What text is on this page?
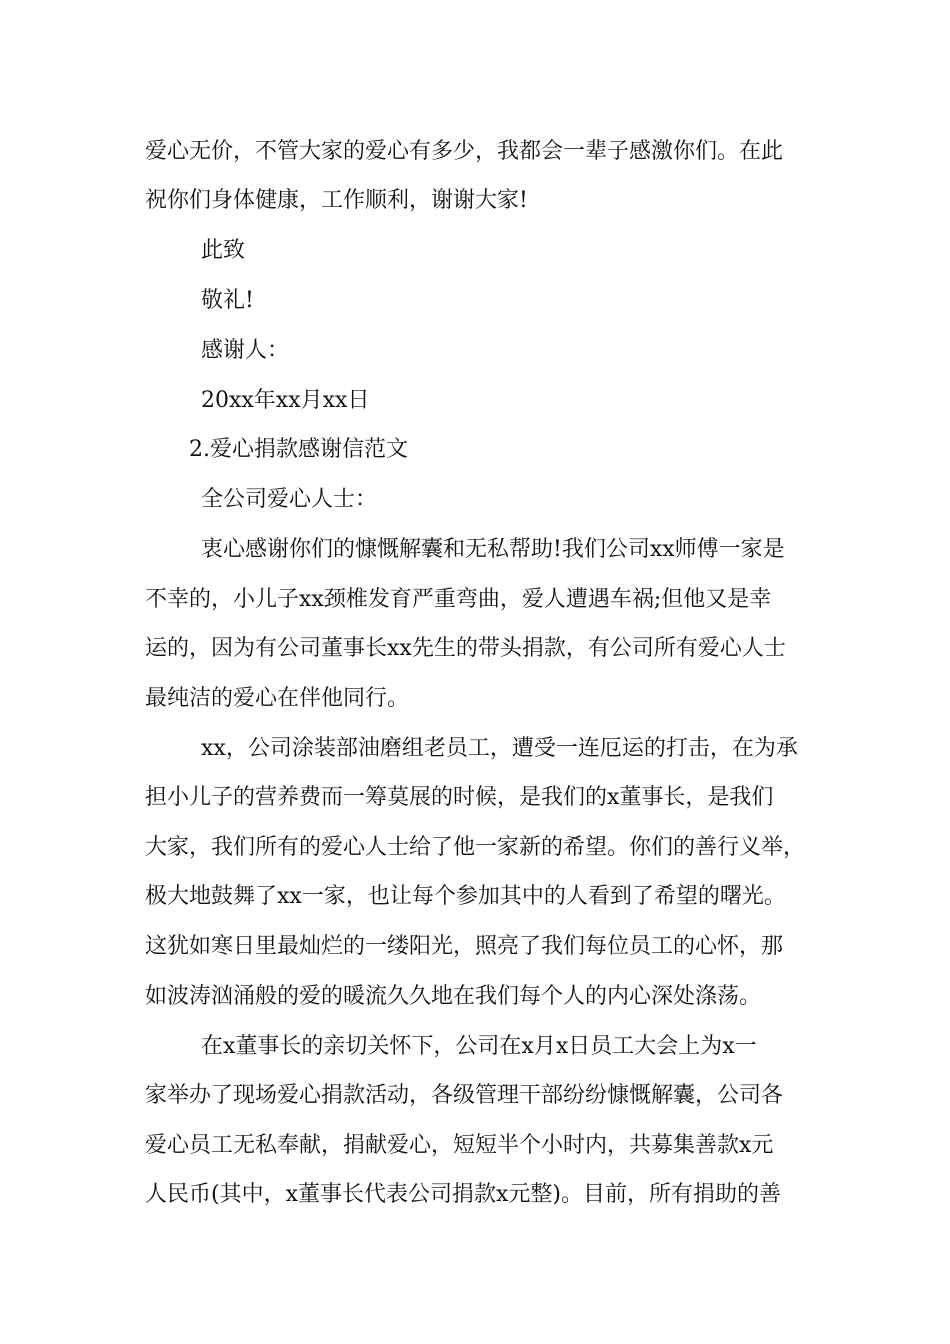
爱心无价，不管大家的爱心有多少，我都会一辈子感激你们。在此
祝你们身体健康，工作顺利，谢谢大家!
此致
敬礼!
感谢人：
20xx年xx月xx日
2.爱心捐款感谢信范文
全公司爱心人士：
衷心感谢你们的慷慨解囊和无私帮助!我们公司xx师傅一家是
不幸的，小儿子xx颈椎发育严重弯曲，爱人遭遇车祸;但他又是幸
运的，因为有公司董事长xx先生的带头捐款，有公司所有爱心人士
最纯洁的爱心在伴他同行。
xx，公司涂装部油磨组老员工，遭受一连厄运的打击，在为承
担小儿子的营养费而一筹莫展的时候，是我们的x董事长，是我们
大家，我们所有的爱心人士给了他一家新的希望。你们的善行义举，
极大地鼓舞了xx一家，也让每个参加其中的人看到了希望的曙光。
这犹如寒日里最灿烂的一缕阳光，照亮了我们每位员工的心怀，那
如波涛汹涌般的爱的暖流久久地在我们每个人的内心深处涤荡。
在x董事长的亲切关怀下，公司在x月x日员工大会上为x一
家举办了现场爱心捐款活动，各级管理干部纷纷慷慨解囊，公司各
爱心员工无私奉献，捐献爱心，短短半个小时内，共募集善款x元
人民币(其中，x董事长代表公司捐款x元整)。目前，所有捐助的善
